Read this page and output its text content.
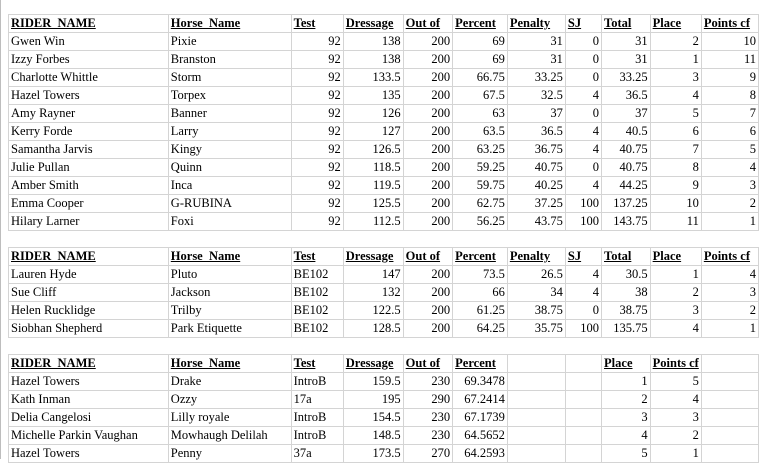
RIDER_NAME	Horse_Name	Test	Dressage	Out of	Percent	Penalty	SJ	Total	Place	Points cf
Gwen Win	Pixie	92	138	200	69	31	0	31	2	10
Izzy Forbes	Branston	92	138	200	69	31	0	31	1	11
Charlotte Whittle	Storm	92	133.5	200	66.75	33.25	0	33.25	3	9
Hazel Towers	Torpex	92	135	200	67.5	32.5	4	36.5	4	8
Amy Rayner	Banner	92	126	200	63	37	0	37	5	7
Kerry Forde	Larry	92	127	200	63.5	36.5	4	40.5	6	6
Samantha Jarvis	Kingy	92	126.5	200	63.25	36.75	4	40.75	7	5
Julie Pullan	Quinn	92	118.5	200	59.25	40.75	0	40.75	8	4
Amber Smith	Inca	92	119.5	200	59.75	40.25	4	44.25	9	3
Emma Cooper	G-RUBINA	92	125.5	200	62.75	37.25	100	137.25	10	2
Hilary Larner	Foxi	92	112.5	200	56.25	43.75	100	143.75	11	1

RIDER_NAME	Horse_Name	Test	Dressage	Out of	Percent	Penalty	SJ	Total	Place	Points cf
Lauren Hyde	Pluto	BE102	147	200	73.5	26.5	4	30.5	1	4
Sue Cliff	Jackson	BE102	132	200	66	34	4	38	2	3
Helen Rucklidge	Trilby	BE102	122.5	200	61.25	38.75	0	38.75	3	2
Siobhan Shepherd	Park Etiquette	BE102	128.5	200	64.25	35.75	100	135.75	4	1

RIDER_NAME	Horse_Name	Test	Dressage	Out of	Percent			Place	Points cf	
Hazel Towers	Drake	IntroB	159.5	230	69.3478			1	5	
Kath Inman	Ozzy	17a	195	290	67.2414			2	4	
Delia Cangelosi	Lilly royale	IntroB	154.5	230	67.1739			3	3	
Michelle Parkin Vaughan	Mowhaugh Delilah	IntroB	148.5	230	64.5652			4	2	
Hazel Towers	Penny	37a	173.5	270	64.2593			5	1	
